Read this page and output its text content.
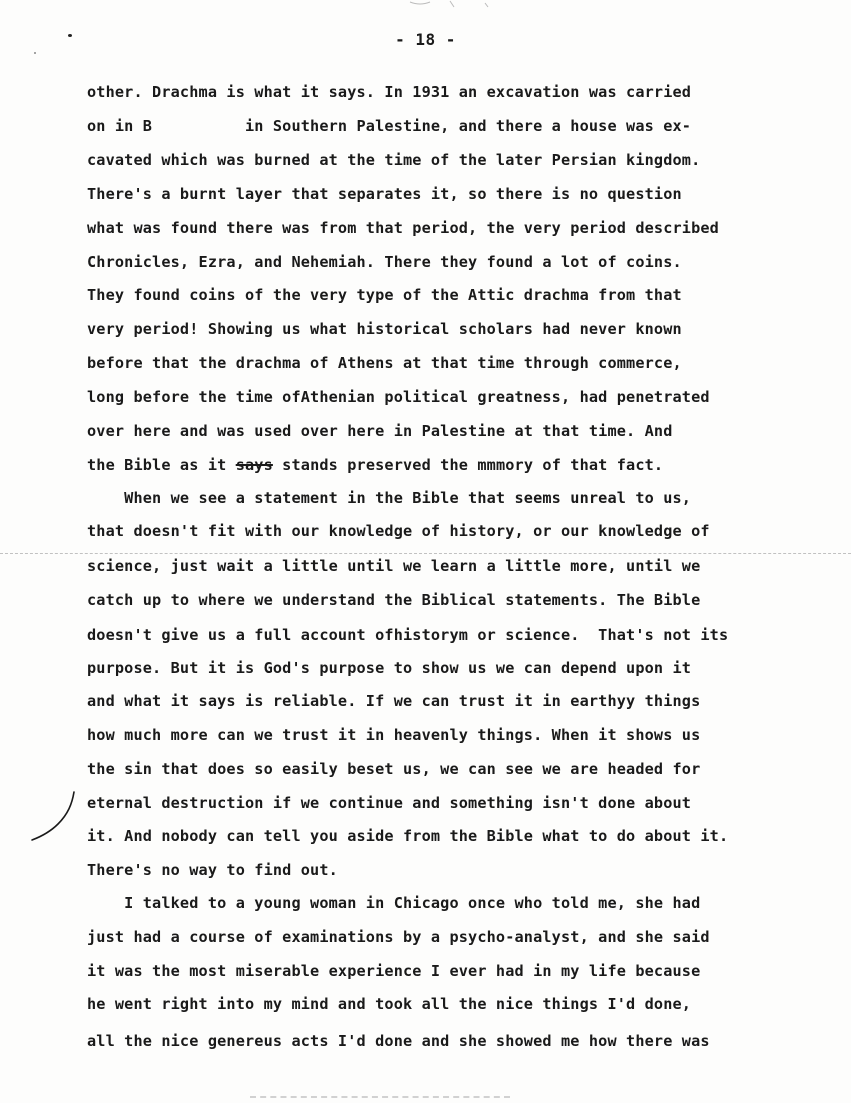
- 18 -
other. Drachma is what it says. In 1931 an excavation was carried
on in B          in Southern Palestine, and there a house was ex-
cavated which was burned at the time of the later Persian kingdom.
There's a burnt layer that separates it, so there is no question
what was found there was from that period, the very period described
Chronicles, Ezra, and Nehemiah. There they found a lot of coins.
They found coins of the very type of the Attic drachma from that
very period! Showing us what historical scholars had never known
before that the drachma of Athens at that time through commerce,
long before the time ofAthenian political greatness, had penetrated
over here and was used over here in Palestine at that time. And
the Bible as it says stands preserved the mmmory of that fact.
When we see a statement in the Bible that seems unreal to us,
that doesn't fit with our knowledge of history, or our knowledge of
science, just wait a little until we learn a little more, until we
catch up to where we understand the Biblical statements. The Bible
doesn't give us a full account ofhistorym or science.  That's not its
purpose. But it is God's purpose to show us we can depend upon it
and what it says is reliable. If we can trust it in earthyy things
how much more can we trust it in heavenly things. When it shows us
the sin that does so easily beset us, we can see we are headed for
eternal destruction if we continue and something isn't done about
it. And nobody can tell you aside from the Bible what to do about it.
There's no way to find out.
I talked to a young woman in Chicago once who told me, she had
just had a course of examinations by a psycho-analyst, and she said
it was the most miserable experience I ever had in my life because
he went right into my mind and took all the nice things I'd done,
all the nice genereus acts I'd done and she showed me how there was
